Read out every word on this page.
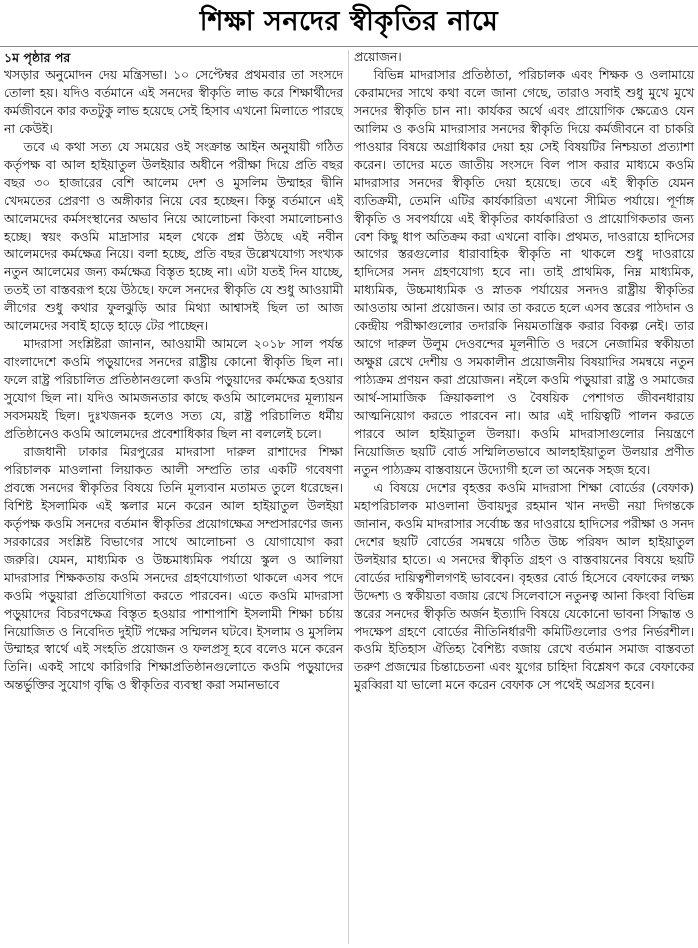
শিক্ষা সনদের স্বীকৃতির নামে
১ম পৃষ্ঠার পর

খসড়ার অনুমোদন দেয় মন্ত্রিসভা। ১০ সেপ্টেম্বর প্রথমবার তা সংসদে তোলা হয়। যদিও বর্তমানে এই সনদের স্বীকৃতি লাভ করে শিক্ষার্থীদের কর্মজীবনে কার কতটুকু লাভ হয়েছে সেই হিসাব এখনো মিলাতে পারছে না কেউই।

তবে এ কথা সত্য যে সময়ের ওই সংক্রান্ত আইন অনুযায়ী গঠিত কর্তৃপক্ষ বা আল হাইয়াতুল উলইয়ার অধীনে পরীক্ষা দিয়ে প্রতি বছর বছর ৩০ হাজারের বেশি আলেম দেশ ও মুসলিম উম্মাহর দ্বীনি খেদমতের প্রেরণা ও অঙ্গীকার নিয়ে বের হচ্ছেন। কিন্তু বর্তমানে এই আলেমদের কর্মসংস্থানের অভাব নিয়ে আলোচনা কিংবা সমালোচনাও হচ্ছে। স্বয়ং কওমি মাদ্রাসার মহল থেকে প্রশ্ন উঠছে এই নবীন আলেমদের কর্মক্ষেত্র নিয়ে। বলা হচ্ছে, প্রতি বছর উল্লেখযোগ্য সংখ্যক নতুন আলেমের জন্য কর্মক্ষেত্র বিস্তৃত হচ্ছে না। এটা যতই দিন যাচ্ছে, ততই তা বাস্তবরূপ হয়ে উঠছে। ফলে সনদের স্বীকৃতি যে শুধু আওয়ামী লীগের শুধু কথার ফুলঝুড়ি আর মিথ্যা আশ্বাসই ছিল তা আজ আলেমদের সবাই হাড়ে হাড়ে টের পাচ্ছেন।

মাদরাসা সংশ্লিষ্টরা জানান, আওয়ামী আমলে ২০১৮ সাল পর্যন্ত বাংলাদেশে কওমি পড়ুয়াদের সনদের রাষ্ট্রীয় কোনো স্বীকৃতি ছিল না। ফলে রাষ্ট্র পরিচালিত প্রতিষ্ঠানগুলো কওমি পড়ুয়াদের কর্মক্ষেত্র হওয়ার সুযোগ ছিল না। যদিও আমজনতার কাছে কওমি আলেমদের মূল্যায়ন সবসময়ই ছিল। দুঃখজনক হলেও সত্য যে, রাষ্ট্র পরিচালিত ধর্মীয় প্রতিষ্ঠানেও কওমি আলেমদের প্রবেশাধিকার ছিল না বললেই চলে।

রাজধানী ঢাকার মিরপুরের মাদরাসা দারুল রাশাদের শিক্ষা পরিচালক মাওলানা লিয়াকত আলী সম্প্রতি তার একটি গবেষণা প্রবন্ধে সনদের স্বীকৃতির বিষয়ে তিনি মূল্যবান মতামত তুলে ধরেছেন। বিশিষ্ট ইসলামিক এই স্কলার মনে করেন আল হাইয়াতুল উলইয়া কর্তৃপক্ষ কওমি সনদের বর্তমান স্বীকৃতির প্রয়োগক্ষেত্র সম্প্রসারণের জন্য সরকারের সংশ্লিষ্ট বিভাগের সাথে আলোচনা ও যোগাযোগ করা জরুরি। যেমন, মাধ্যমিক ও উচ্চমাধ্যমিক পর্যায়ে স্কুল ও আলিয়া মাদরাসার শিক্ষকতায় কওমি সনদের গ্রহণযোগ্যতা থাকলে এসব পদে কওমি পড়ুয়ারা প্রতিযোগিতা করতে পারবেন। এতে কওমি মাদরাসা পড়ুয়াদের বিচরণক্ষেত্র বিস্তৃত হওয়ার পাশাপাশি ইসলামী শিক্ষা চর্চায় নিয়োজিত ও নিবেদিত দুইটি পক্ষের সম্মিলন ঘটবে। ইসলাম ও মুসলিম উম্মাহর স্বার্থে এই সংহতি প্রয়োজন ও ফলপ্রসূ হবে বলেও মনে করেন তিনি। একই সাথে কারিগরি শিক্ষাপ্রতিষ্ঠানগুলোতে কওমি পড়ুয়াদের অন্তর্ভুক্তির সুযোগ বৃদ্ধি ও স্বীকৃতির ব্যবস্থা করা সমানভাবে

প্রয়োজন।

বিভিন্ন মাদরাসার প্রতিষ্ঠাতা, পরিচালক এবং শিক্ষক ও ওলামায়ে কেরামদের সাথে কথা বলে জানা গেছে, তারাও সবাই শুধু মুখে মুখে সনদের স্বীকৃতি চান না। কার্যকর অর্থে এবং প্রায়োগিক ক্ষেত্রেও যেন আলিম ও কওমি মাদরাসার সনদের স্বীকৃতি দিয়ে কর্মজীবনে বা চাকরি পাওয়ার বিষয়ে অগ্রাধিকার দেয়া হয় সেই বিষয়টির নিশ্চয়তা প্রত্যাশা করেন। তাদের মতে জাতীয় সংসদে বিল পাস করার মাধ্যমে কওমি মাদরাসার সনদের স্বীকৃতি দেয়া হয়েছে। তবে এই স্বীকৃতি যেমন ব্যতিক্রমী, তেমনি এটির কার্যকারিতা এখনো সীমিত পর্যায়ে। পূর্ণাঙ্গ স্বীকৃতি ও সবপর্যায়ে এই স্বীকৃতির কার্যকারিতা ও প্রায়োগিকতার জন্য বেশ কিছু ধাপ অতিক্রম করা এখনো বাকি। প্রথমত, দাওরায়ে হাদিসের আগের স্তরগুলোর ধারাবাহিক স্বীকৃতি না থাকলে শুধু দাওরায়ে হাদিসের সনদ গ্রহণযোগ্য হবে না। তাই প্রাথমিক, নিম্ন মাধ্যমিক, মাধ্যমিক, উচ্চমাধ্যমিক ও স্নাতক পর্যায়ের সনদও রাষ্ট্রীয় স্বীকৃতির আওতায় আনা প্রয়োজন। আর তা করতে হলে এসব স্তরের পাঠদান ও কেন্দ্রীয় পরীক্ষাগুলোর তদারকি নিয়মতান্ত্রিক করার বিকল্প নেই। তার আগে দারুল উলুম দেওবন্দের মূলনীতি ও দরসে নেজামির স্বকীয়তা অক্ষুণ্ণ রেখে দেশীয় ও সমকালীন প্রয়োজনীয় বিষয়াদির সমন্বয়ে নতুন পাঠ্যক্রম প্রণয়ন করা প্রয়োজন। নইলে কওমি পড়ুয়ারা রাষ্ট্র ও সমাজের আর্থ-সামাজিক ক্রিয়াকলাপ ও বৈষয়িক পেশাগত জীবনধারায় আত্মনিয়োগ করতে পারবেন না। আর এই দায়িত্বটি পালন করতে পারবে আল হাইয়াতুল উলয়া। কওমি মাদরাসাগুলোর নিয়ন্ত্রণে নিয়োজিত ছয়টি বোর্ড সম্মিলিতভাবে আলহাইয়াতুল উলয়ার প্রণীত নতুন পাঠ্যক্রম বাস্তবায়নে উদ্যোগী হলে তা অনেক সহজ হবে।

এ বিষয়ে দেশের বৃহত্তর কওমি মাদরাসা শিক্ষা বোর্ডের (বেফাক) মহাপরিচালক মাওলানা উবায়দুর রহমান খান নদভী নয়া দিগন্তকে জানান, কওমি মাদরাসার সর্বোচ্চ স্তর দাওরায়ে হাদিসের পরীক্ষা ও সনদ দেশের ছয়টি বোর্ডের সমন্বয়ে গঠিত উচ্চ পরিষদ আল হাইয়াতুল উলইয়ার হাতে। এ সনদের স্বীকৃতি গ্রহণ ও বাস্তবায়নের বিষয়ে ছয়টি বোর্ডের দায়িত্বশীলগণই ভাববেন। বৃহত্তর বোর্ড হিসেবে বেফাকের লক্ষ্য উদ্দেশ্য ও স্বকীয়তা বজায় রেখে সিলেবাসে নতুনত্ব আনা কিংবা বিভিন্ন স্তরের সনদের স্বীকৃতি অর্জন ইত্যাদি বিষয়ে যেকোনো ভাবনা সিদ্ধান্ত ও পদক্ষেপ গ্রহণে বোর্ডের নীতিনির্ধারণী কমিটিগুলোর ওপর নির্ভরশীল। কওমি ইতিহাস ঐতিহ্য বৈশিষ্ট্য বজায় রেখে বর্তমান সমাজ বাস্তবতা তরুণ প্রজন্মের চিন্তাচেতনা এবং যুগের চাহিদা বিশ্লেষণ করে বেফাকের মুরব্বিরা যা ভালো মনে করেন বেফাক সে পথেই অগ্রসর হবেন।
